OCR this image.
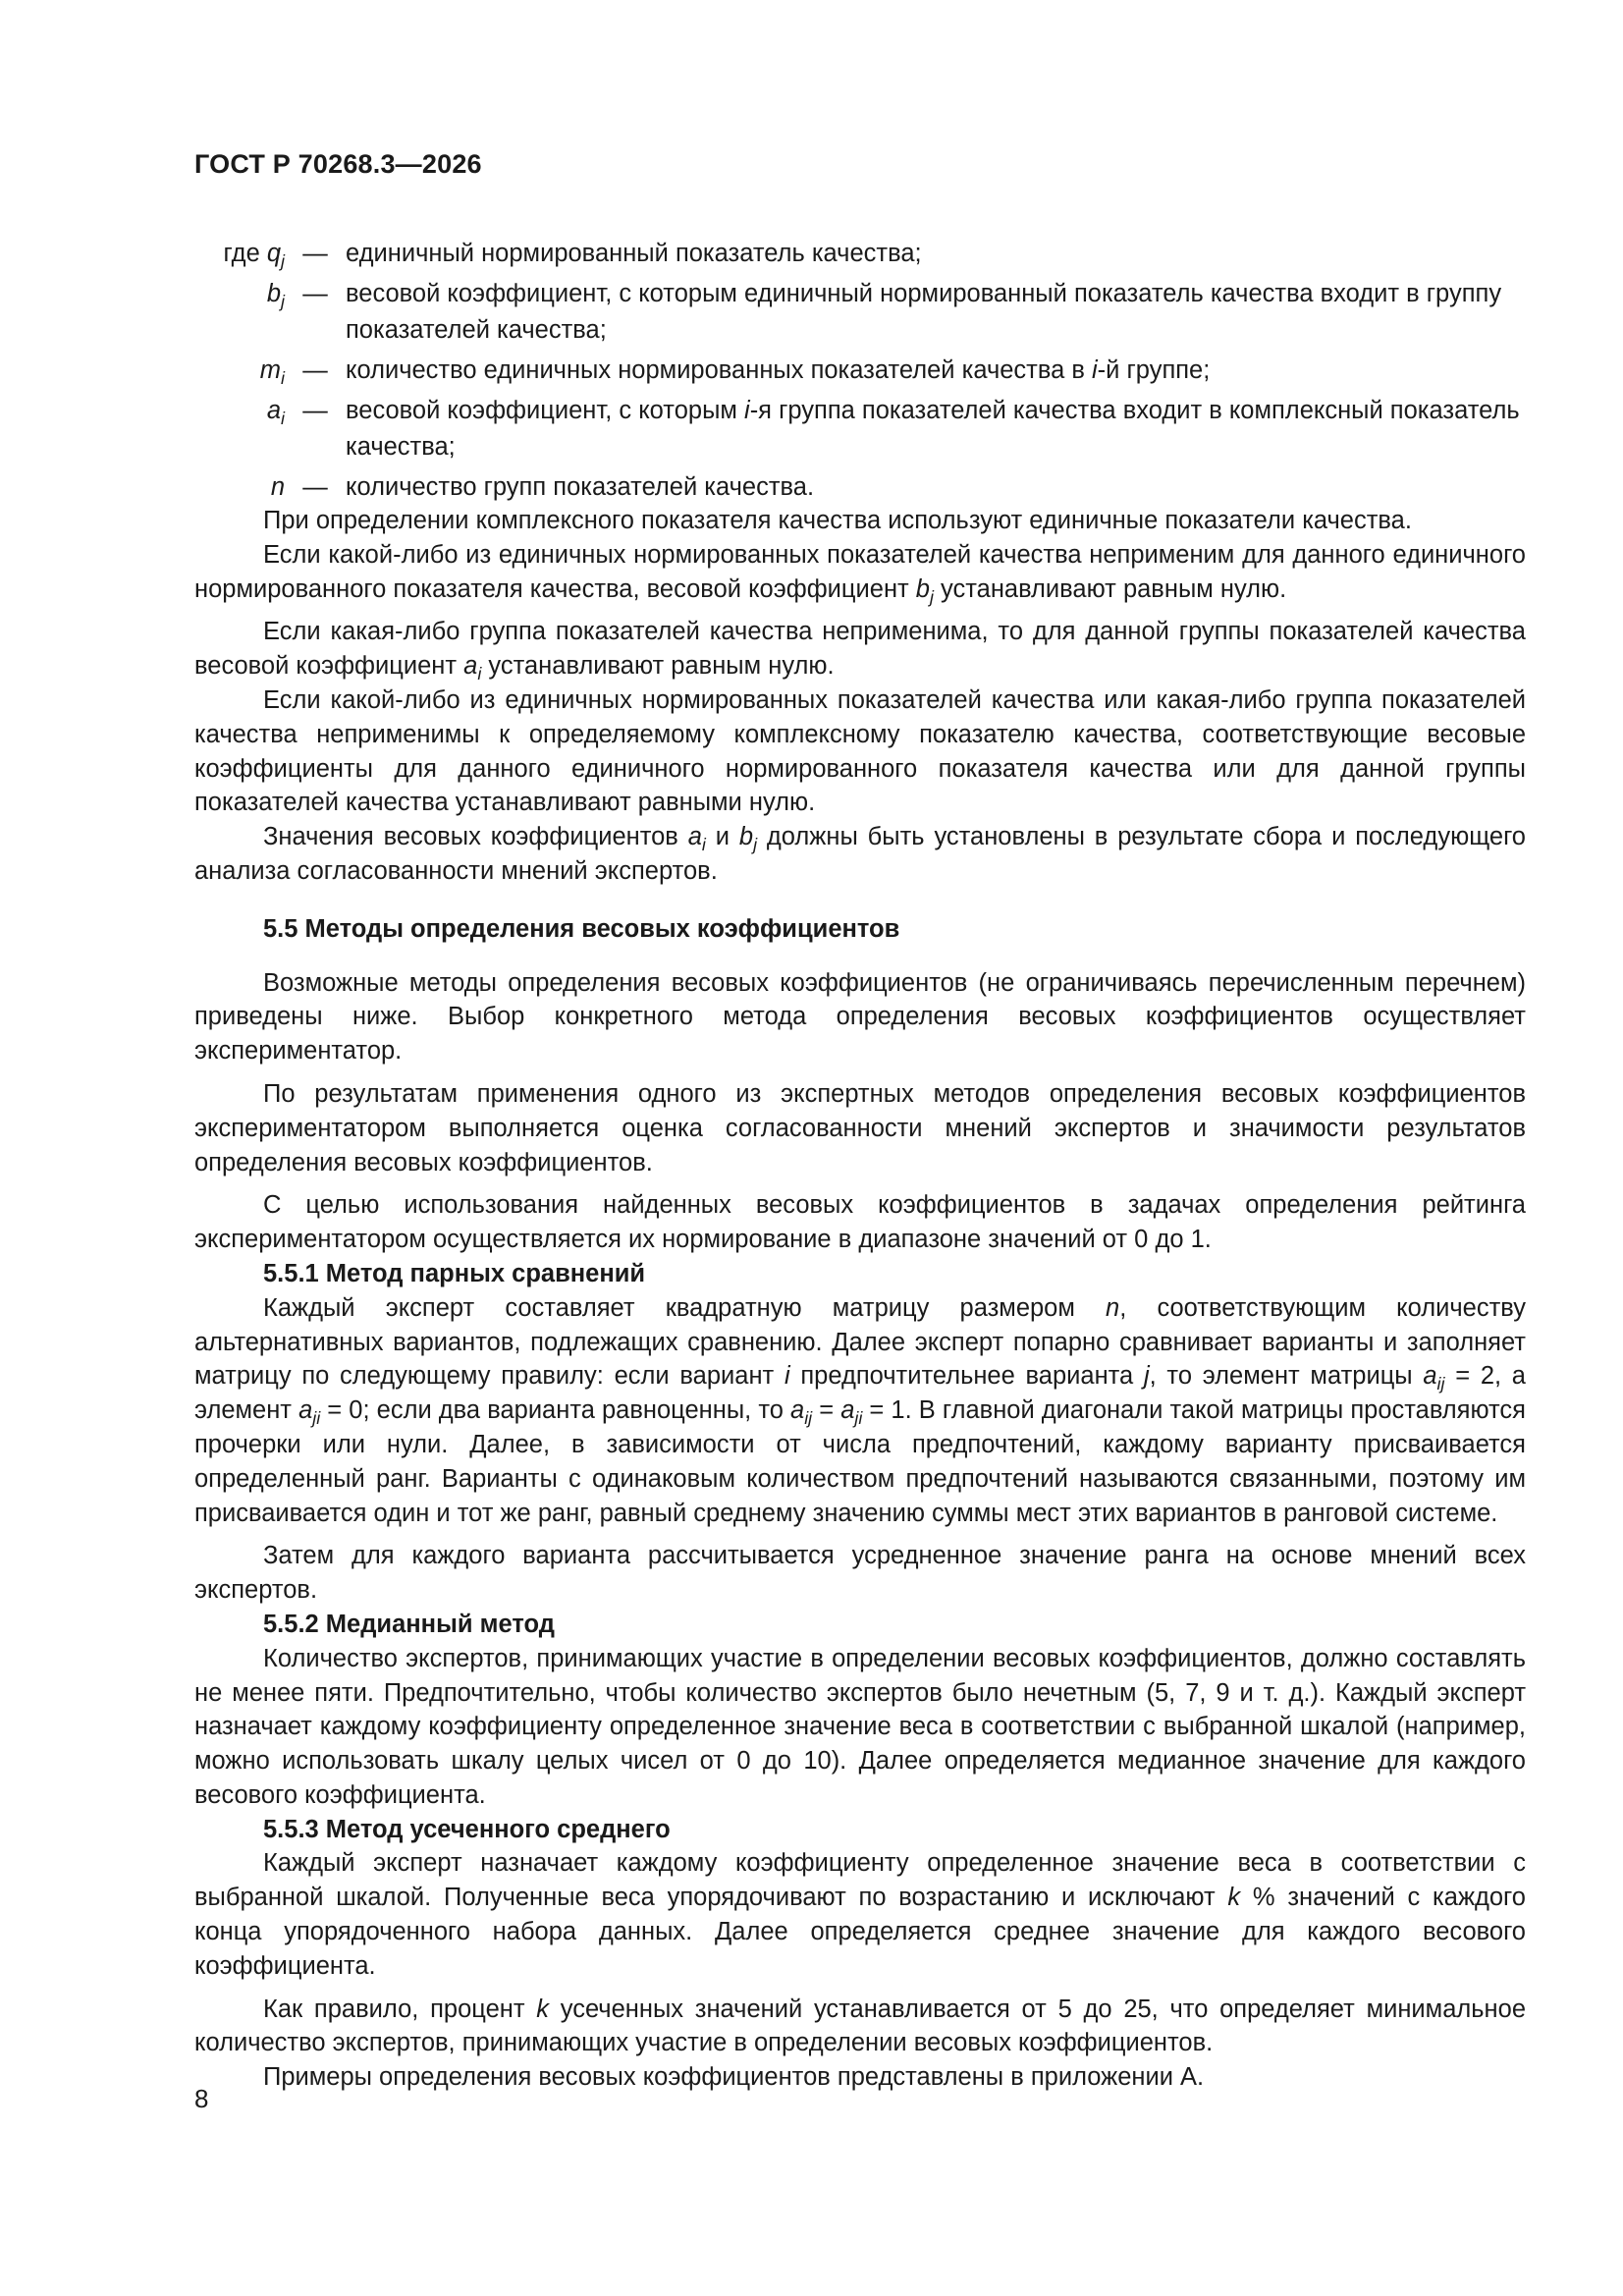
ГОСТ Р 70268.3—2026
где $q_j$ — единичный нормированный показатель качества;
$b_j$ — весовой коэффициент, с которым единичный нормированный показатель качества входит в группу показателей качества;
$m_i$ — количество единичных нормированных показателей качества в i-й группе;
$a_i$ — весовой коэффициент, с которым i-я группа показателей качества входит в комплексный показатель качества;
n — количество групп показателей качества.

При определении комплексного показателя качества используют единичные показатели качества.

Если какой-либо из единичных нормированных показателей качества неприменим для данного единичного нормированного показателя качества, весовой коэффициент $b_j$ устанавливают равным нулю.

Если какая-либо группа показателей качества неприменима, то для данной группы показателей качества весовой коэффициент $a_i$ устанавливают равным нулю.

Если какой-либо из единичных нормированных показателей качества или какая-либо группа показателей качества неприменимы к определяемому комплексному показателю качества, соответствующие весовые коэффициенты для данного единичного нормированного показателя качества или для данной группы показателей качества устанавливают равными нулю.

Значения весовых коэффициентов $a_i$ и $b_j$ должны быть установлены в результате сбора и последующего анализа согласованности мнений экспертов.

5.5 Методы определения весовых коэффициентов

Возможные методы определения весовых коэффициентов (не ограничиваясь перечисленным перечнем) приведены ниже. Выбор конкретного метода определения весовых коэффициентов осуществляет экспериментатор.

По результатам применения одного из экспертных методов определения весовых коэффициентов экспериментатором выполняется оценка согласованности мнений экспертов и значимости результатов определения весовых коэффициентов.

С целью использования найденных весовых коэффициентов в задачах определения рейтинга экспериментатором осуществляется их нормирование в диапазоне значений от 0 до 1.

5.5.1 Метод парных сравнений

Каждый эксперт составляет квадратную матрицу размером n, соответствующим количеству альтернативных вариантов, подлежащих сравнению. Далее эксперт попарно сравнивает варианты и заполняет матрицу по следующему правилу: если вариант i предпочтительнее варианта j, то элемент матрицы $a_{ij} = 2$, а элемент $a_{ji} = 0$; если два варианта равноценны, то $a_{ij} = a_{ji} = 1$. В главной диагонали такой матрицы проставляются прочерки или нули. Далее, в зависимости от числа предпочтений, каждому варианту присваивается определенный ранг. Варианты с одинаковым количеством предпочтений называются связанными, поэтому им присваивается один и тот же ранг, равный среднему значению суммы мест этих вариантов в ранговой системе.

Затем для каждого варианта рассчитывается усредненное значение ранга на основе мнений всех экспертов.

5.5.2 Медианный метод

Количество экспертов, принимающих участие в определении весовых коэффициентов, должно составлять не менее пяти. Предпочтительно, чтобы количество экспертов было нечетным (5, 7, 9 и т. д.). Каждый эксперт назначает каждому коэффициенту определенное значение веса в соответствии с выбранной шкалой (например, можно использовать шкалу целых чисел от 0 до 10). Далее определяется медианное значение для каждого весового коэффициента.

5.5.3 Метод усеченного среднего

Каждый эксперт назначает каждому коэффициенту определенное значение веса в соответствии с выбранной шкалой. Полученные веса упорядочивают по возрастанию и исключают k % значений с каждого конца упорядоченного набора данных. Далее определяется среднее значение для каждого весового коэффициента.

Как правило, процент k усеченных значений устанавливается от 5 до 25, что определяет минимальное количество экспертов, принимающих участие в определении весовых коэффициентов.

Примеры определения весовых коэффициентов представлены в приложении А.

8
